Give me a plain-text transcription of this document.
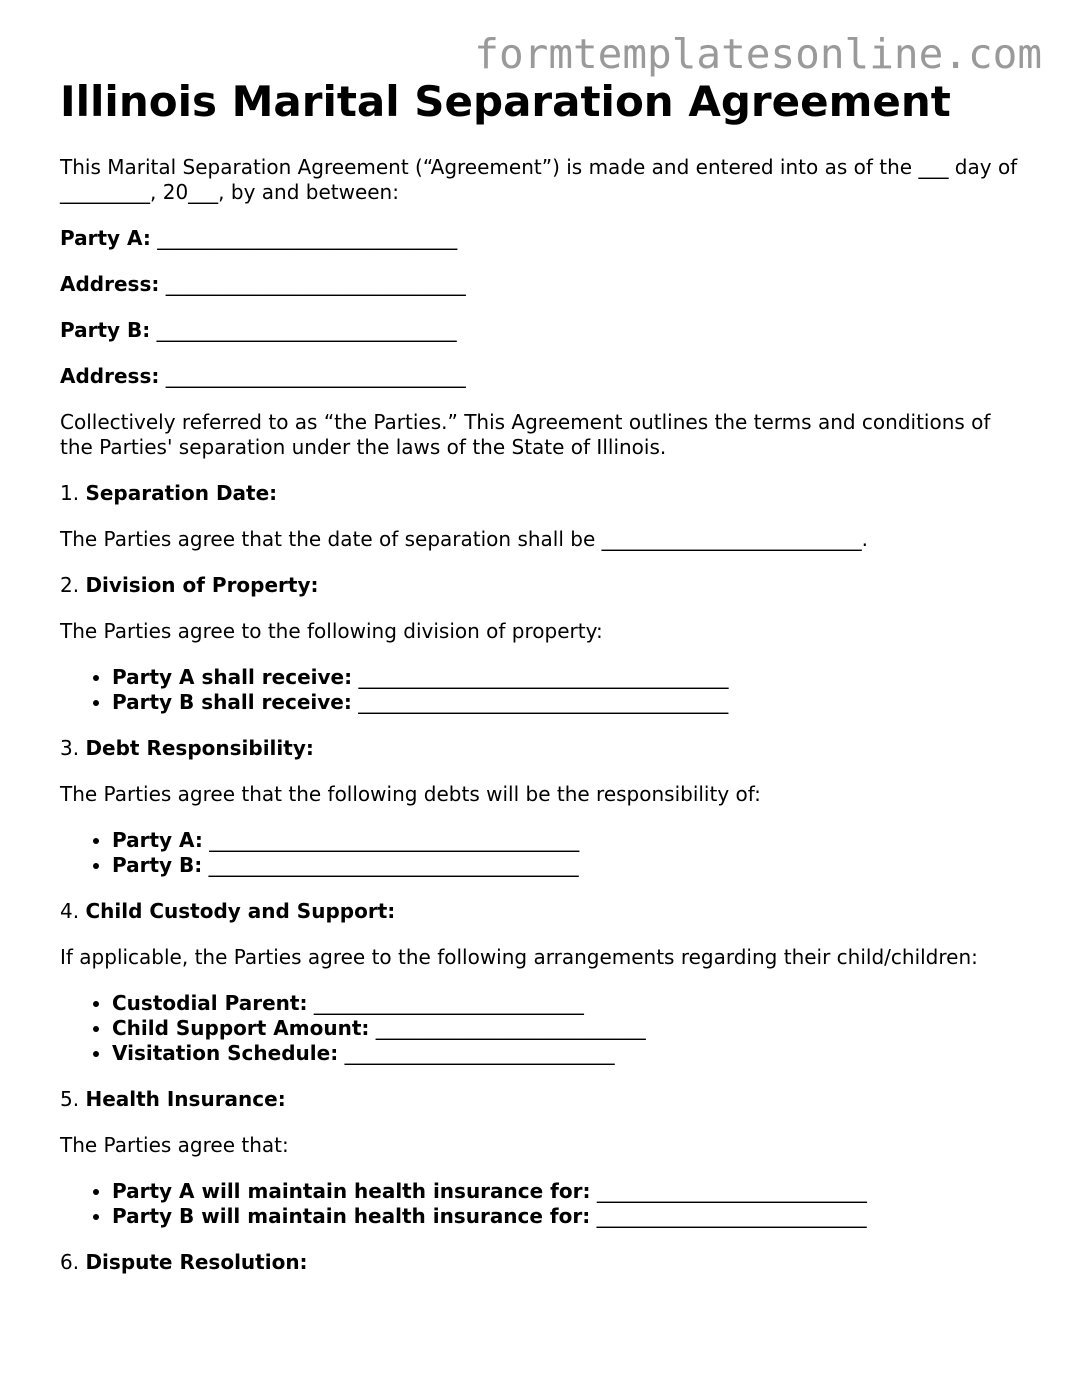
formtemplatesonline.com
Illinois Marital Separation Agreement

This Marital Separation Agreement (“Agreement”) is made and entered into as of the ___ day of _________, 20___, by and between:

Party A: ______________________________

Address: ______________________________

Party B: ______________________________

Address: ______________________________

Collectively referred to as “the Parties.” This Agreement outlines the terms and conditions of the Parties' separation under the laws of the State of Illinois.

1. Separation Date:

The Parties agree that the date of separation shall be __________________________.

2. Division of Property:

The Parties agree to the following division of property:

• Party A shall receive: _____________________________________
• Party B shall receive: _____________________________________

3. Debt Responsibility:

The Parties agree that the following debts will be the responsibility of:

• Party A: _____________________________________
• Party B: _____________________________________

4. Child Custody and Support:

If applicable, the Parties agree to the following arrangements regarding their child/children:

• Custodial Parent: ___________________________
• Child Support Amount: ___________________________
• Visitation Schedule: ___________________________

5. Health Insurance:

The Parties agree that:

• Party A will maintain health insurance for: ___________________________
• Party B will maintain health insurance for: ___________________________

6. Dispute Resolution:
